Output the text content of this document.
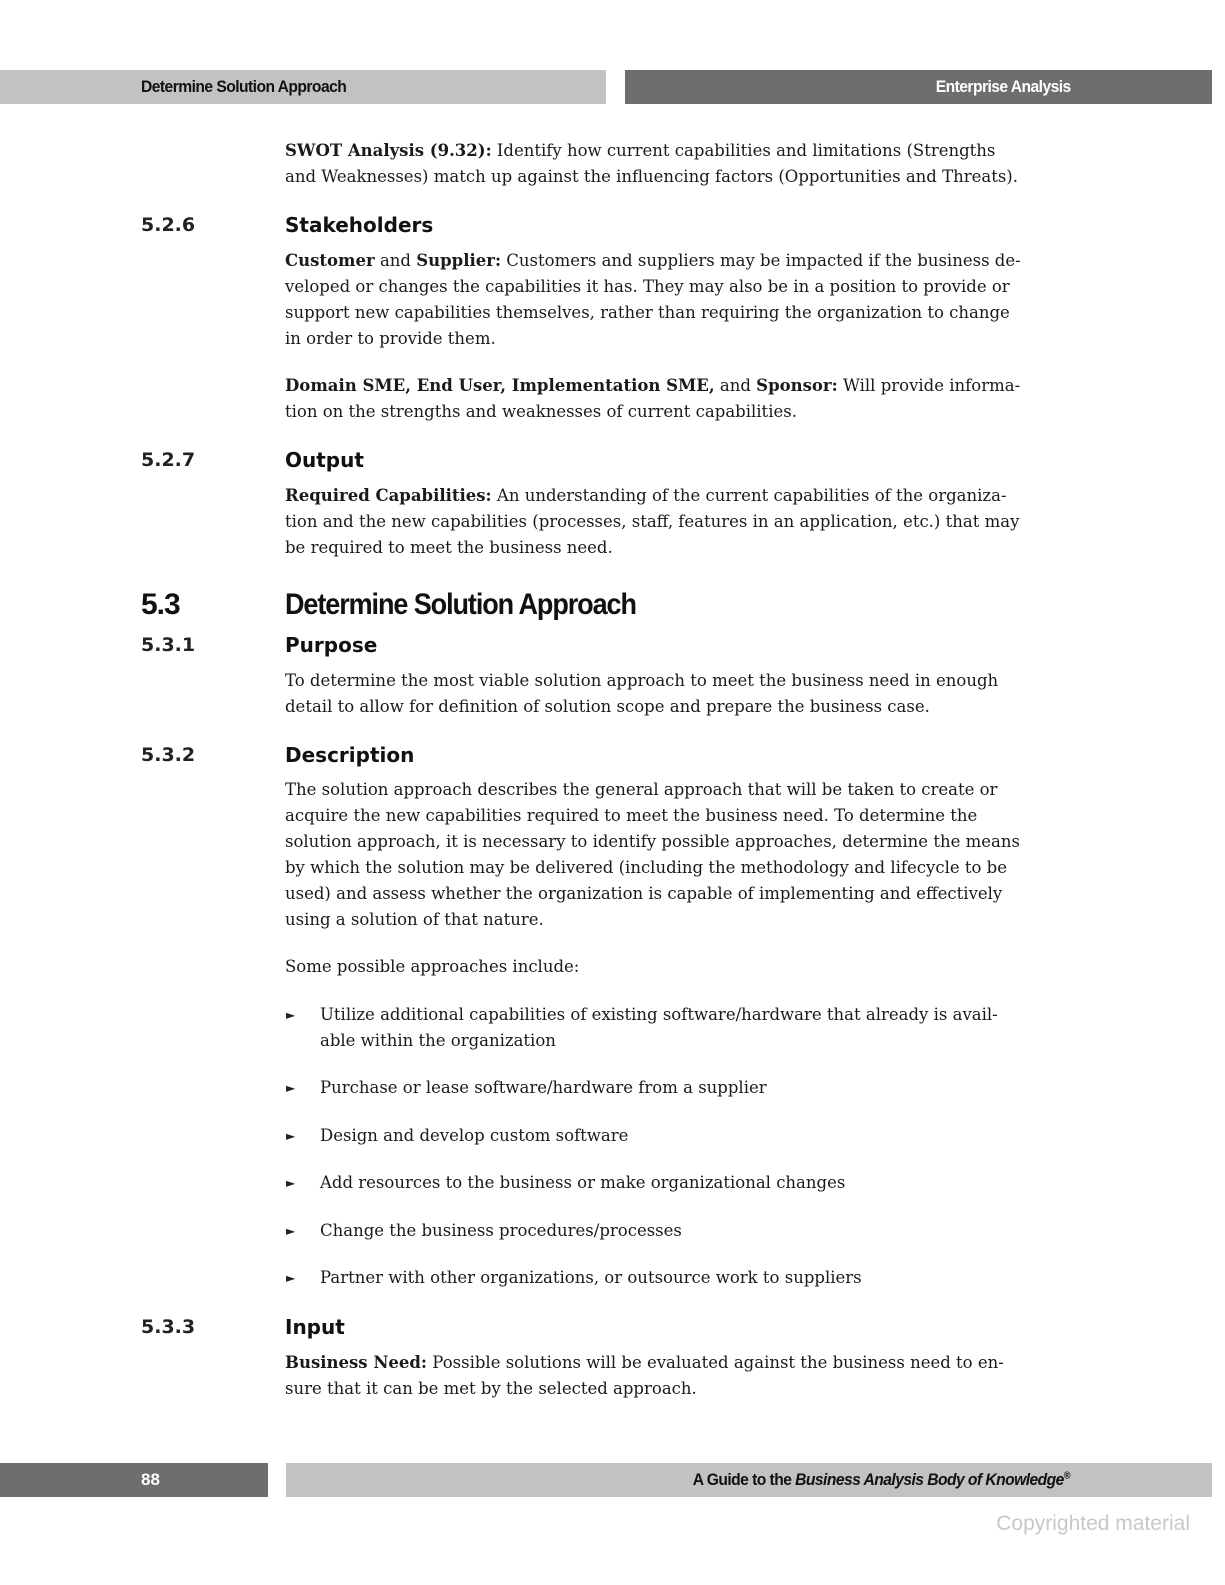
Determine Solution Approach	Enterprise Analysis
SWOT Analysis (9.32): Identify how current capabilities and limitations (Strengths
and Weaknesses) match up against the influencing factors (Opportunities and Threats).
5.2.6	Stakeholders
Customer and Supplier: Customers and suppliers may be impacted if the business de-
veloped or changes the capabilities it has. They may also be in a position to provide or
support new capabilities themselves, rather than requiring the organization to change
in order to provide them.
Domain SME, End User, Implementation SME, and Sponsor: Will provide informa-
tion on the strengths and weaknesses of current capabilities.
5.2.7	Output
Required Capabilities: An understanding of the current capabilities of the organiza-
tion and the new capabilities (processes, staff, features in an application, etc.) that may
be required to meet the business need.
5.3	Determine Solution Approach
5.3.1	Purpose
To determine the most viable solution approach to meet the business need in enough
detail to allow for definition of solution scope and prepare the business case.
5.3.2	Description
The solution approach describes the general approach that will be taken to create or
acquire the new capabilities required to meet the business need. To determine the
solution approach, it is necessary to identify possible approaches, determine the means
by which the solution may be delivered (including the methodology and lifecycle to be
used) and assess whether the organization is capable of implementing and effectively
using a solution of that nature.
Some possible approaches include:
► Utilize additional capabilities of existing software/hardware that already is avail-
able within the organization
► Purchase or lease software/hardware from a supplier
► Design and develop custom software
► Add resources to the business or make organizational changes
► Change the business procedures/processes
► Partner with other organizations, or outsource work to suppliers
5.3.3	Input
Business Need: Possible solutions will be evaluated against the business need to en-
sure that it can be met by the selected approach.
88	A Guide to the Business Analysis Body of Knowledge®
Copyrighted material
